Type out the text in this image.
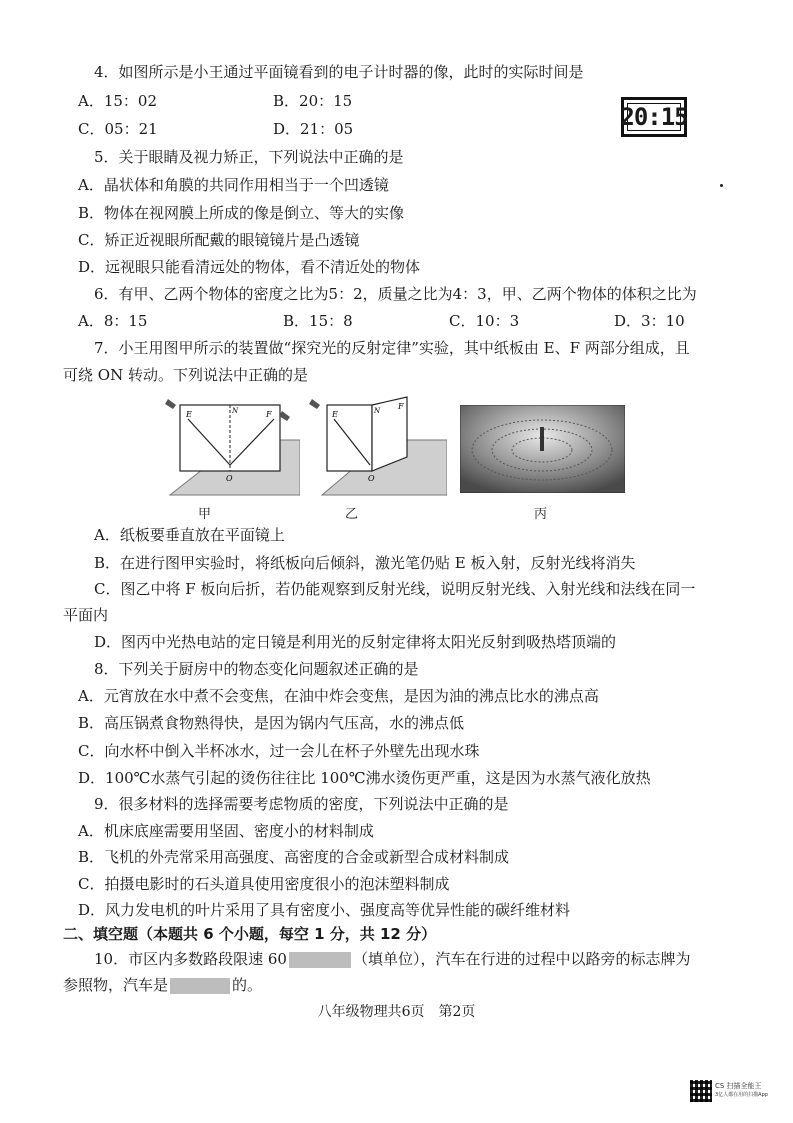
4．如图所示是小王通过平面镜看到的电子计时器的像，此时的实际时间是
A．15：02	B．20：15
C．05：21	D．21：05	20:15
5．关于眼睛及视力矫正，下列说法中正确的是
A．晶状体和角膜的共同作用相当于一个凹透镜
B．物体在视网膜上所成的像是倒立、等大的实像
C．矫正近视眼所配戴的眼镜镜片是凸透镜
D．远视眼只能看清远处的物体，看不清近处的物体
6．有甲、乙两个物体的密度之比为5：2，质量之比为4：3，甲、乙两个物体的体积之比为
A．8：15	B．15：8	C．10：3	D．3：10
7．小王用图甲所示的装置做“探究光的反射定律”实验，其中纸板由 E、F 两部分组成，且
可绕 ON 转动。下列说法中正确的是
E	F
N
O
甲
E
F
N
O
乙	丙
A．纸板要垂直放在平面镜上
B．在进行图甲实验时，将纸板向后倾斜，激光笔仍贴 E 板入射，反射光线将消失
C．图乙中将 F 板向后折，若仍能观察到反射光线，说明反射光线、入射光线和法线在同一
平面内
D．图丙中光热电站的定日镜是利用光的反射定律将太阳光反射到吸热塔顶端的
8．下列关于厨房中的物态变化问题叙述正确的是
A．元宵放在水中煮不会变焦，在油中炸会变焦，是因为油的沸点比水的沸点高
B．高压锅煮食物熟得快，是因为锅内气压高，水的沸点低
C．向水杯中倒入半杯冰水，过一会儿在杯子外壁先出现水珠
D．100℃水蒸气引起的烫伤往往比 100℃沸水烫伤更严重，这是因为水蒸气液化放热
9．很多材料的选择需要考虑物质的密度，下列说法中正确的是
A．机床底座需要用坚固、密度小的材料制成
B．飞机的外壳常采用高强度、高密度的合金或新型合成材料制成
C．拍摄电影时的石头道具使用密度很小的泡沫塑料制成
D．风力发电机的叶片采用了具有密度小、强度高等优异性能的碳纤维材料
二、填空题（本题共 6 个小题，每空 1 分，共 12 分）
10．市区内多数路段限速 60	（填单位），汽车在行进的过程中以路旁的标志牌为
参照物，汽车是	的。
八年级物理共6页　第2页
CS 扫描全能王
3亿人都在用的扫描App
